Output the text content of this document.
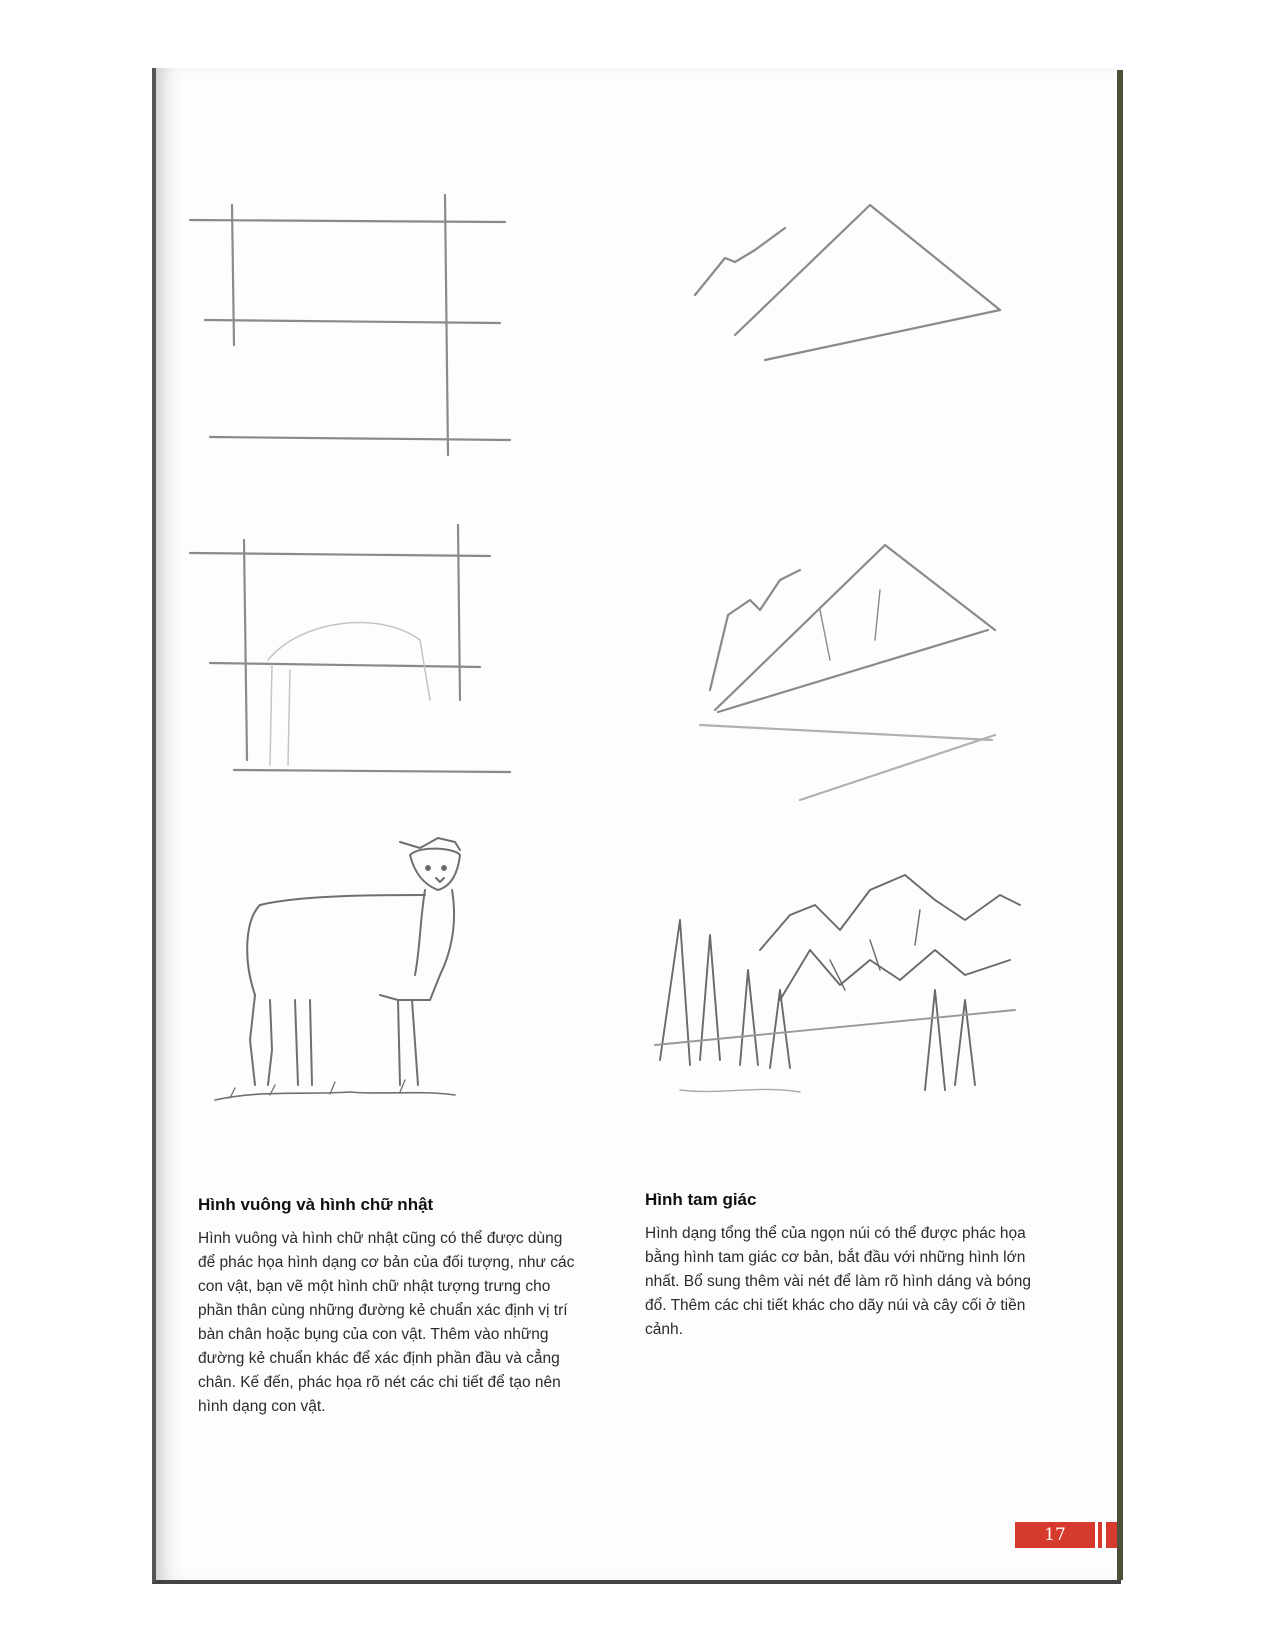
Hình vuông và hình chữ nhật

Hình vuông và hình chữ nhật cũng có thể được dùng để phác họa hình dạng cơ bản của đối tượng, như các con vật, bạn vẽ một hình chữ nhật tượng trưng cho phần thân cùng những đường kẻ chuẩn xác định vị trí bàn chân hoặc bụng của con vật. Thêm vào những đường kẻ chuẩn khác để xác định phần đầu và cẳng chân. Kế đến, phác họa rõ nét các chi tiết để tạo nên hình dạng con vật.

Hình tam giác

Hình dạng tổng thể của ngọn núi có thể được phác họa bằng hình tam giác cơ bản, bắt đầu với những hình lớn nhất. Bổ sung thêm vài nét để làm rõ hình dáng và bóng đổ. Thêm các chi tiết khác cho dãy núi và cây cối ở tiền cảnh.

17
